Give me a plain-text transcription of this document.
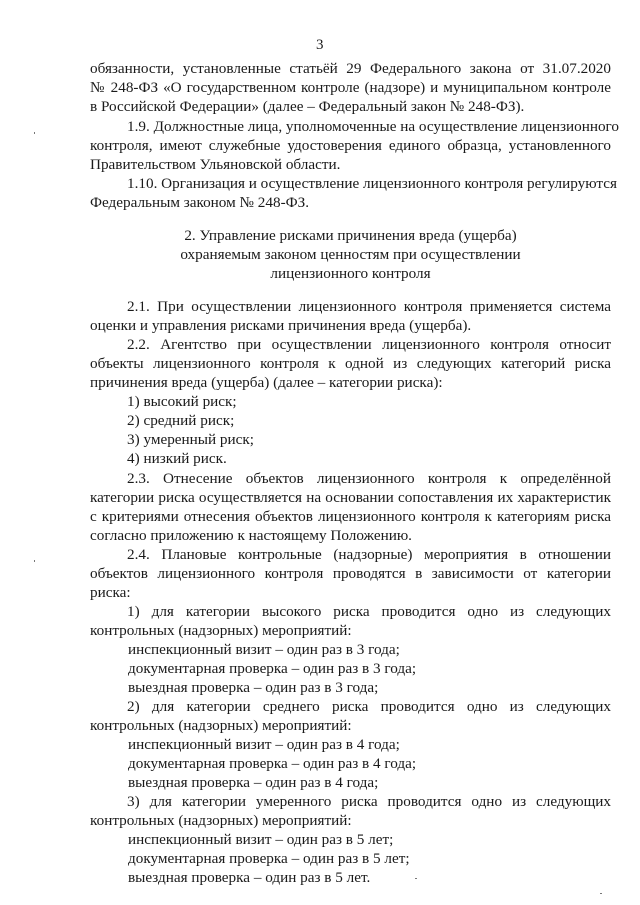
3
обязанности, установленные статьёй 29 Федерального закона от 31.07.2020
№ 248-ФЗ «О государственном контроле (надзоре) и муниципальном контроле
в Российской Федерации» (далее – Федеральный закон № 248-ФЗ).
1.9. Должностные лица, уполномоченные на осуществление лицензионного
контроля, имеют служебные удостоверения единого образца, установленного
Правительством Ульяновской области.
1.10. Организация и осуществление лицензионного контроля регулируются
Федеральным законом № 248-ФЗ.
2. Управление рисками причинения вреда (ущерба)
охраняемым законом ценностям при осуществлении
лицензионного контроля
2.1. При осуществлении лицензионного контроля применяется система
оценки и управления рисками причинения вреда (ущерба).
2.2. Агентство при осуществлении лицензионного контроля относит
объекты лицензионного контроля к одной из следующих категорий риска
причинения вреда (ущерба) (далее – категории риска):
1) высокий риск;
2) средний риск;
3) умеренный риск;
4) низкий риск.
2.3. Отнесение объектов лицензионного контроля к определённой
категории риска осуществляется на основании сопоставления их характеристик
с критериями отнесения объектов лицензионного контроля к категориям риска
согласно приложению к настоящему Положению.
2.4. Плановые контрольные (надзорные) мероприятия в отношении
объектов лицензионного контроля проводятся в зависимости от категории
риска:
1) для категории высокого риска проводится одно из следующих
контрольных (надзорных) мероприятий:
инспекционный визит – один раз в 3 года;
документарная проверка – один раз в 3 года;
выездная проверка – один раз в 3 года;
2) для категории среднего риска проводится одно из следующих
контрольных (надзорных) мероприятий:
инспекционный визит – один раз в 4 года;
документарная проверка – один раз в 4 года;
выездная проверка – один раз в 4 года;
3) для категории умеренного риска проводится одно из следующих
контрольных (надзорных) мероприятий:
инспекционный визит – один раз в 5 лет;
документарная проверка – один раз в 5 лет;
выездная проверка – один раз в 5 лет.
